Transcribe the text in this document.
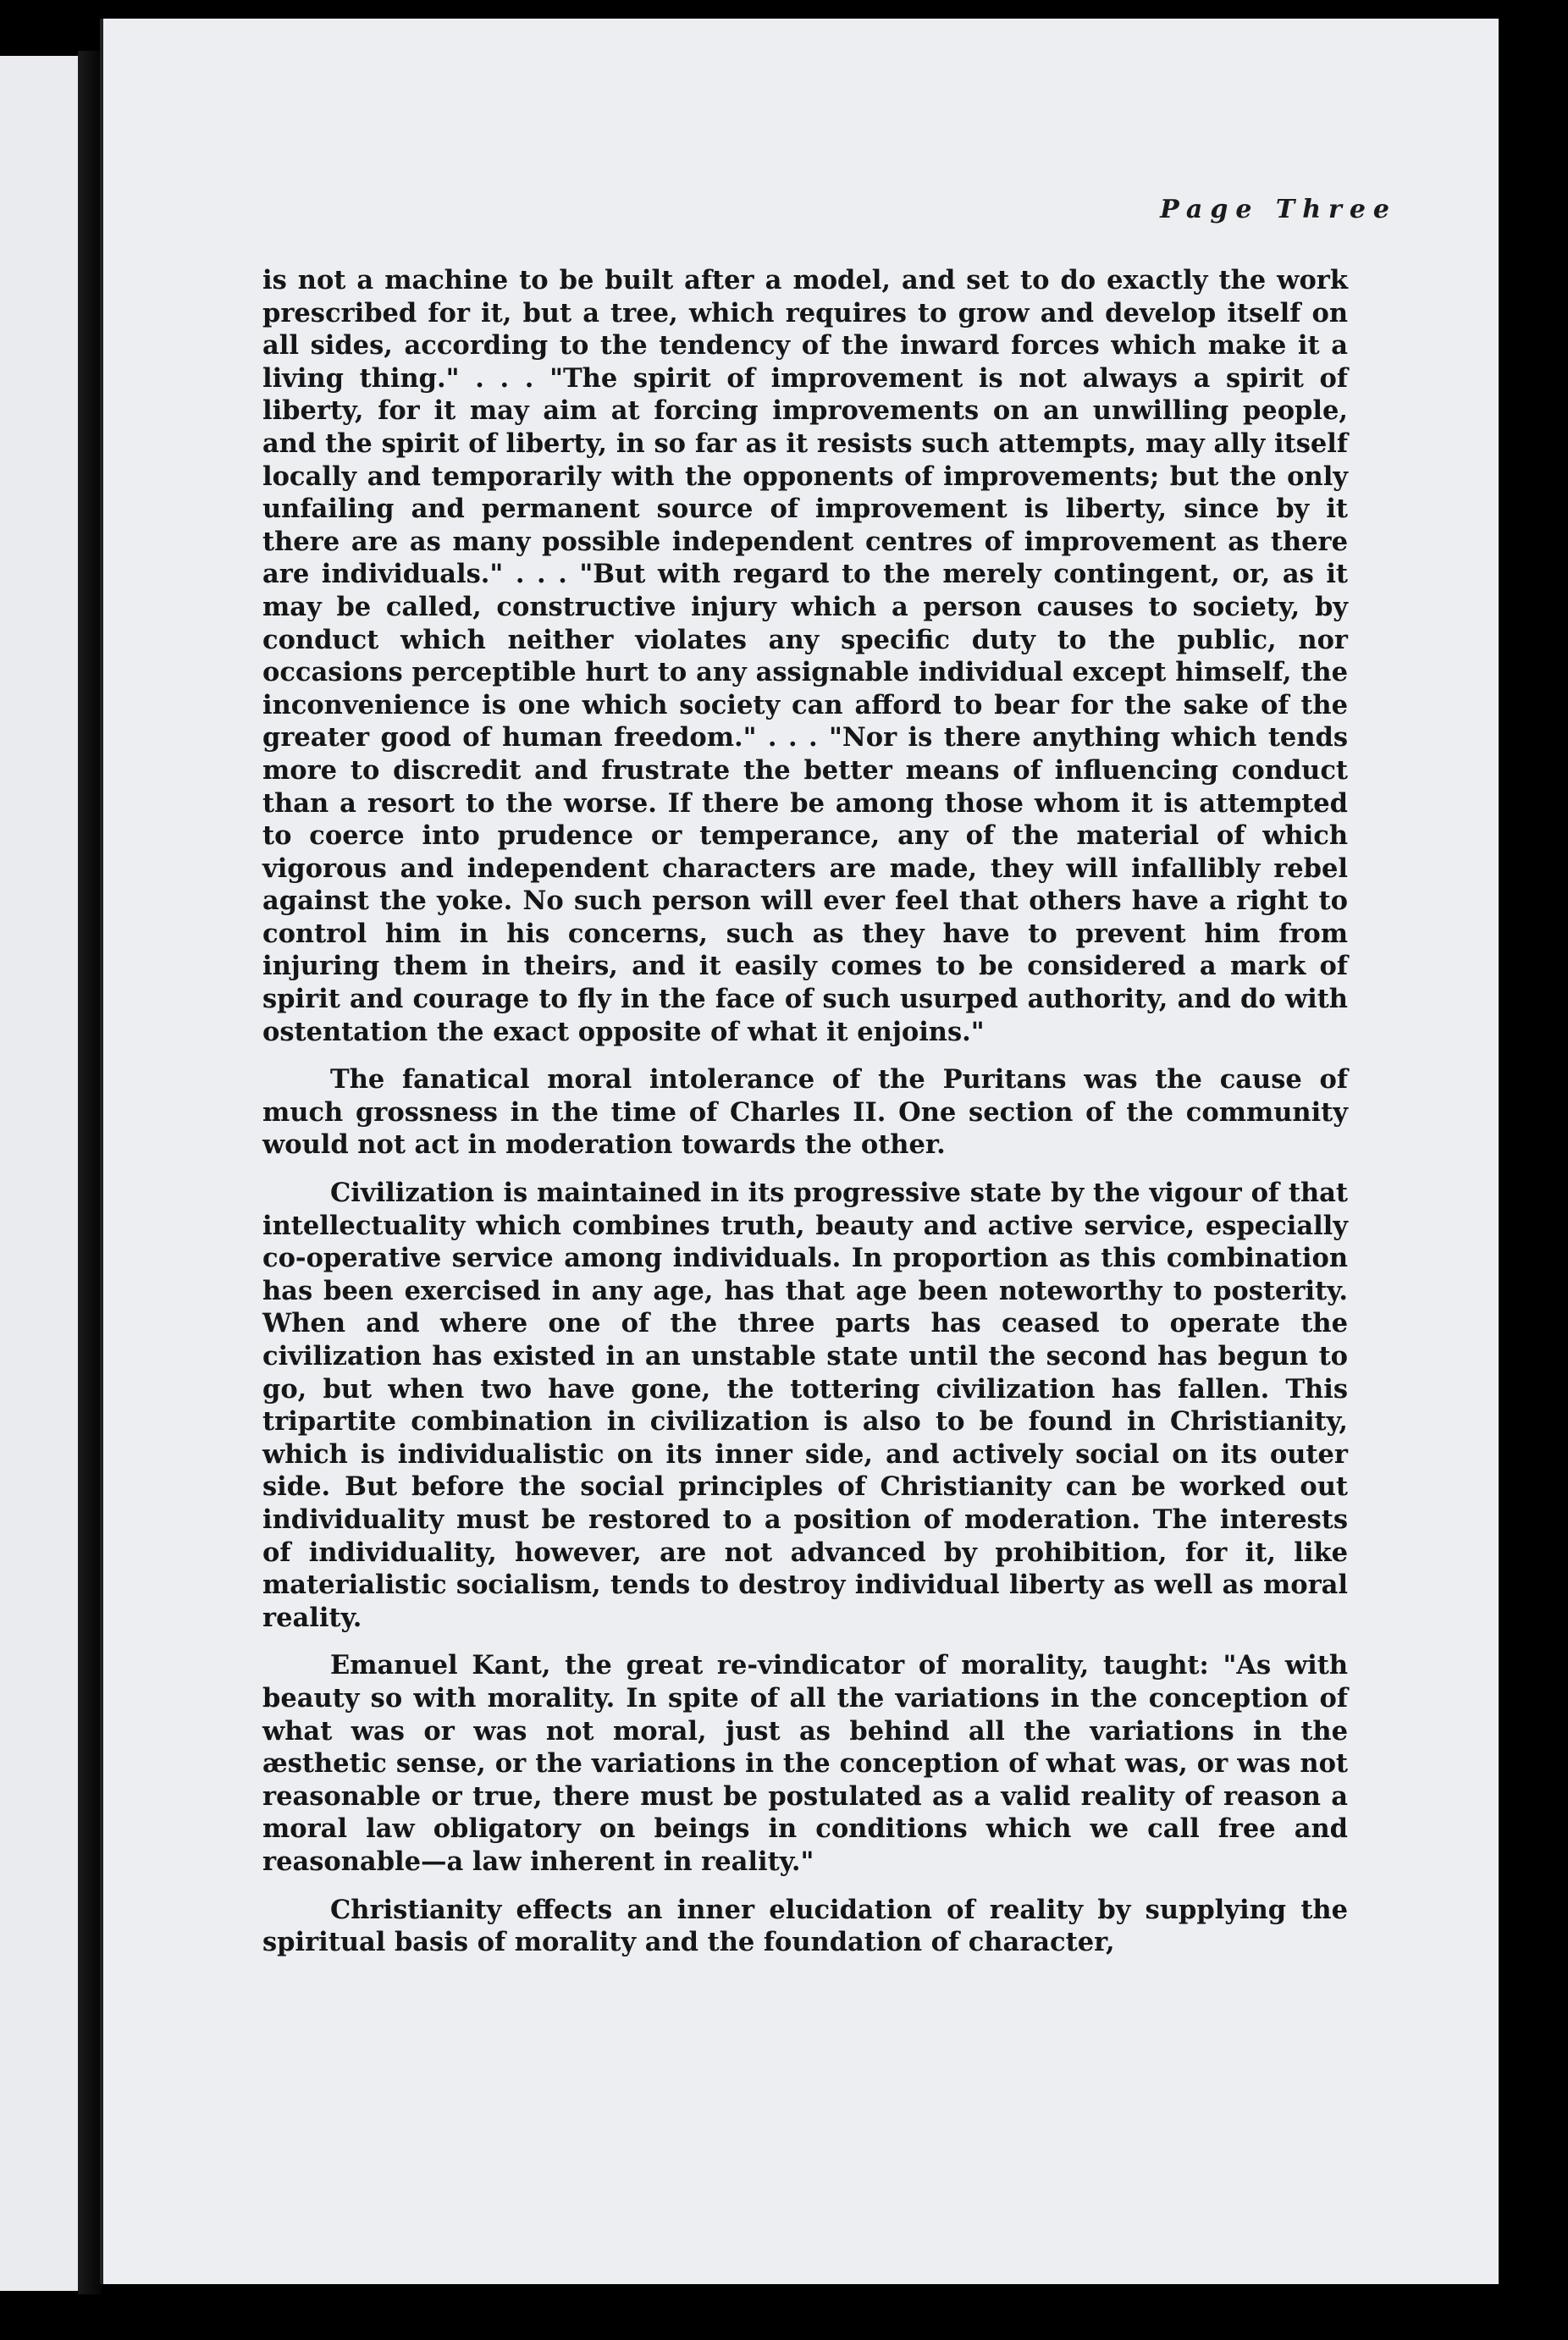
Page Three

is not a machine to be built after a model, and set to do exactly the work prescribed for it, but a tree, which requires to grow and develop itself on all sides, according to the tendency of the inward forces which make it a living thing." . . . "The spirit of improvement is not always a spirit of liberty, for it may aim at forcing improvements on an unwilling people, and the spirit of liberty, in so far as it resists such attempts, may ally itself locally and temporarily with the opponents of improvements; but the only unfailing and permanent source of improvement is liberty, since by it there are as many possible independent centres of improvement as there are individuals." . . . "But with regard to the merely contingent, or, as it may be called, constructive injury which a person causes to society, by conduct which neither violates any specific duty to the public, nor occasions perceptible hurt to any assignable individual except himself, the inconvenience is one which society can afford to bear for the sake of the greater good of human freedom." . . . "Nor is there anything which tends more to discredit and frustrate the better means of influencing conduct than a resort to the worse. If there be among those whom it is attempted to coerce into prudence or temperance, any of the material of which vigorous and independent characters are made, they will infallibly rebel against the yoke. No such person will ever feel that others have a right to control him in his concerns, such as they have to prevent him from injuring them in theirs, and it easily comes to be considered a mark of spirit and courage to fly in the face of such usurped authority, and do with ostentation the exact opposite of what it enjoins."

The fanatical moral intolerance of the Puritans was the cause of much grossness in the time of Charles II. One section of the community would not act in moderation towards the other.

Civilization is maintained in its progressive state by the vigour of that intellectuality which combines truth, beauty and active service, especially co-operative service among individuals. In proportion as this combination has been exercised in any age, has that age been noteworthy to posterity. When and where one of the three parts has ceased to operate the civilization has existed in an unstable state until the second has begun to go, but when two have gone, the tottering civilization has fallen. This tripartite combination in civilization is also to be found in Christianity, which is individualistic on its inner side, and actively social on its outer side. But before the social principles of Christianity can be worked out individuality must be restored to a position of moderation. The interests of individuality, however, are not advanced by prohibition, for it, like materialistic socialism, tends to destroy individual liberty as well as moral reality.

Emanuel Kant, the great re-vindicator of morality, taught: "As with beauty so with morality. In spite of all the variations in the conception of what was or was not moral, just as behind all the variations in the æsthetic sense, or the variations in the conception of what was, or was not reasonable or true, there must be postulated as a valid reality of reason a moral law obligatory on beings in conditions which we call free and reasonable—a law inherent in reality."

Christianity effects an inner elucidation of reality by supplying the spiritual basis of morality and the foundation of character,
